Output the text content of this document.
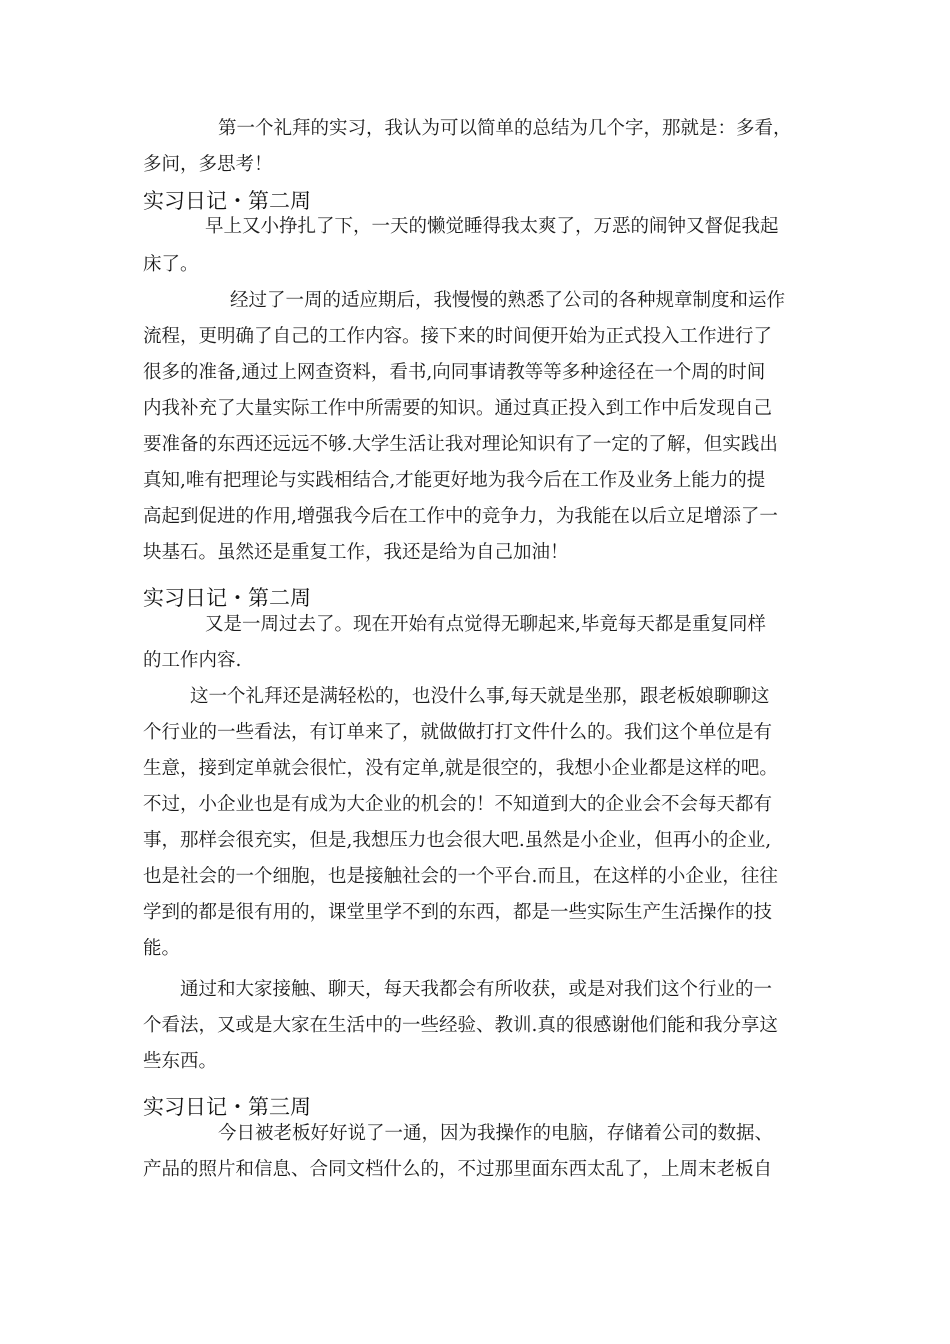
第一个礼拜的实习，我认为可以简单的总结为几个字，那就是：多看，
多问，多思考！
实习日记・第二周
早上又小挣扎了下，一天的懒觉睡得我太爽了，万恶的闹钟又督促我起
床了。
经过了一周的适应期后，我慢慢的熟悉了公司的各种规章制度和运作
流程，更明确了自己的工作内容。接下来的时间便开始为正式投入工作进行了
很多的准备,通过上网查资料，看书,向同事请教等等多种途径在一个周的时间
内我补充了大量实际工作中所需要的知识。通过真正投入到工作中后发现自己
要准备的东西还远远不够.大学生活让我对理论知识有了一定的了解，但实践出
真知,唯有把理论与实践相结合,才能更好地为我今后在工作及业务上能力的提
高起到促进的作用,增强我今后在工作中的竞争力，为我能在以后立足增添了一
块基石。虽然还是重复工作，我还是给为自己加油！
实习日记・第二周
又是一周过去了。现在开始有点觉得无聊起来,毕竟每天都是重复同样
的工作内容.
这一个礼拜还是满轻松的，也没什么事,每天就是坐那，跟老板娘聊聊这
个行业的一些看法，有订单来了，就做做打打文件什么的。我们这个单位是有
生意，接到定单就会很忙，没有定单,就是很空的，我想小企业都是这样的吧。
不过，小企业也是有成为大企业的机会的！不知道到大的企业会不会每天都有
事，那样会很充实，但是,我想压力也会很大吧.虽然是小企业，但再小的企业,
也是社会的一个细胞，也是接触社会的一个平台.而且，在这样的小企业，往往
学到的都是很有用的，课堂里学不到的东西，都是一些实际生产生活操作的技
能。
通过和大家接触、聊天，每天我都会有所收获，或是对我们这个行业的一
个看法，又或是大家在生活中的一些经验、教训.真的很感谢他们能和我分享这
些东西。
实习日记・第三周
今日被老板好好说了一通，因为我操作的电脑，存储着公司的数据、
产品的照片和信息、合同文档什么的，不过那里面东西太乱了，上周末老板自
